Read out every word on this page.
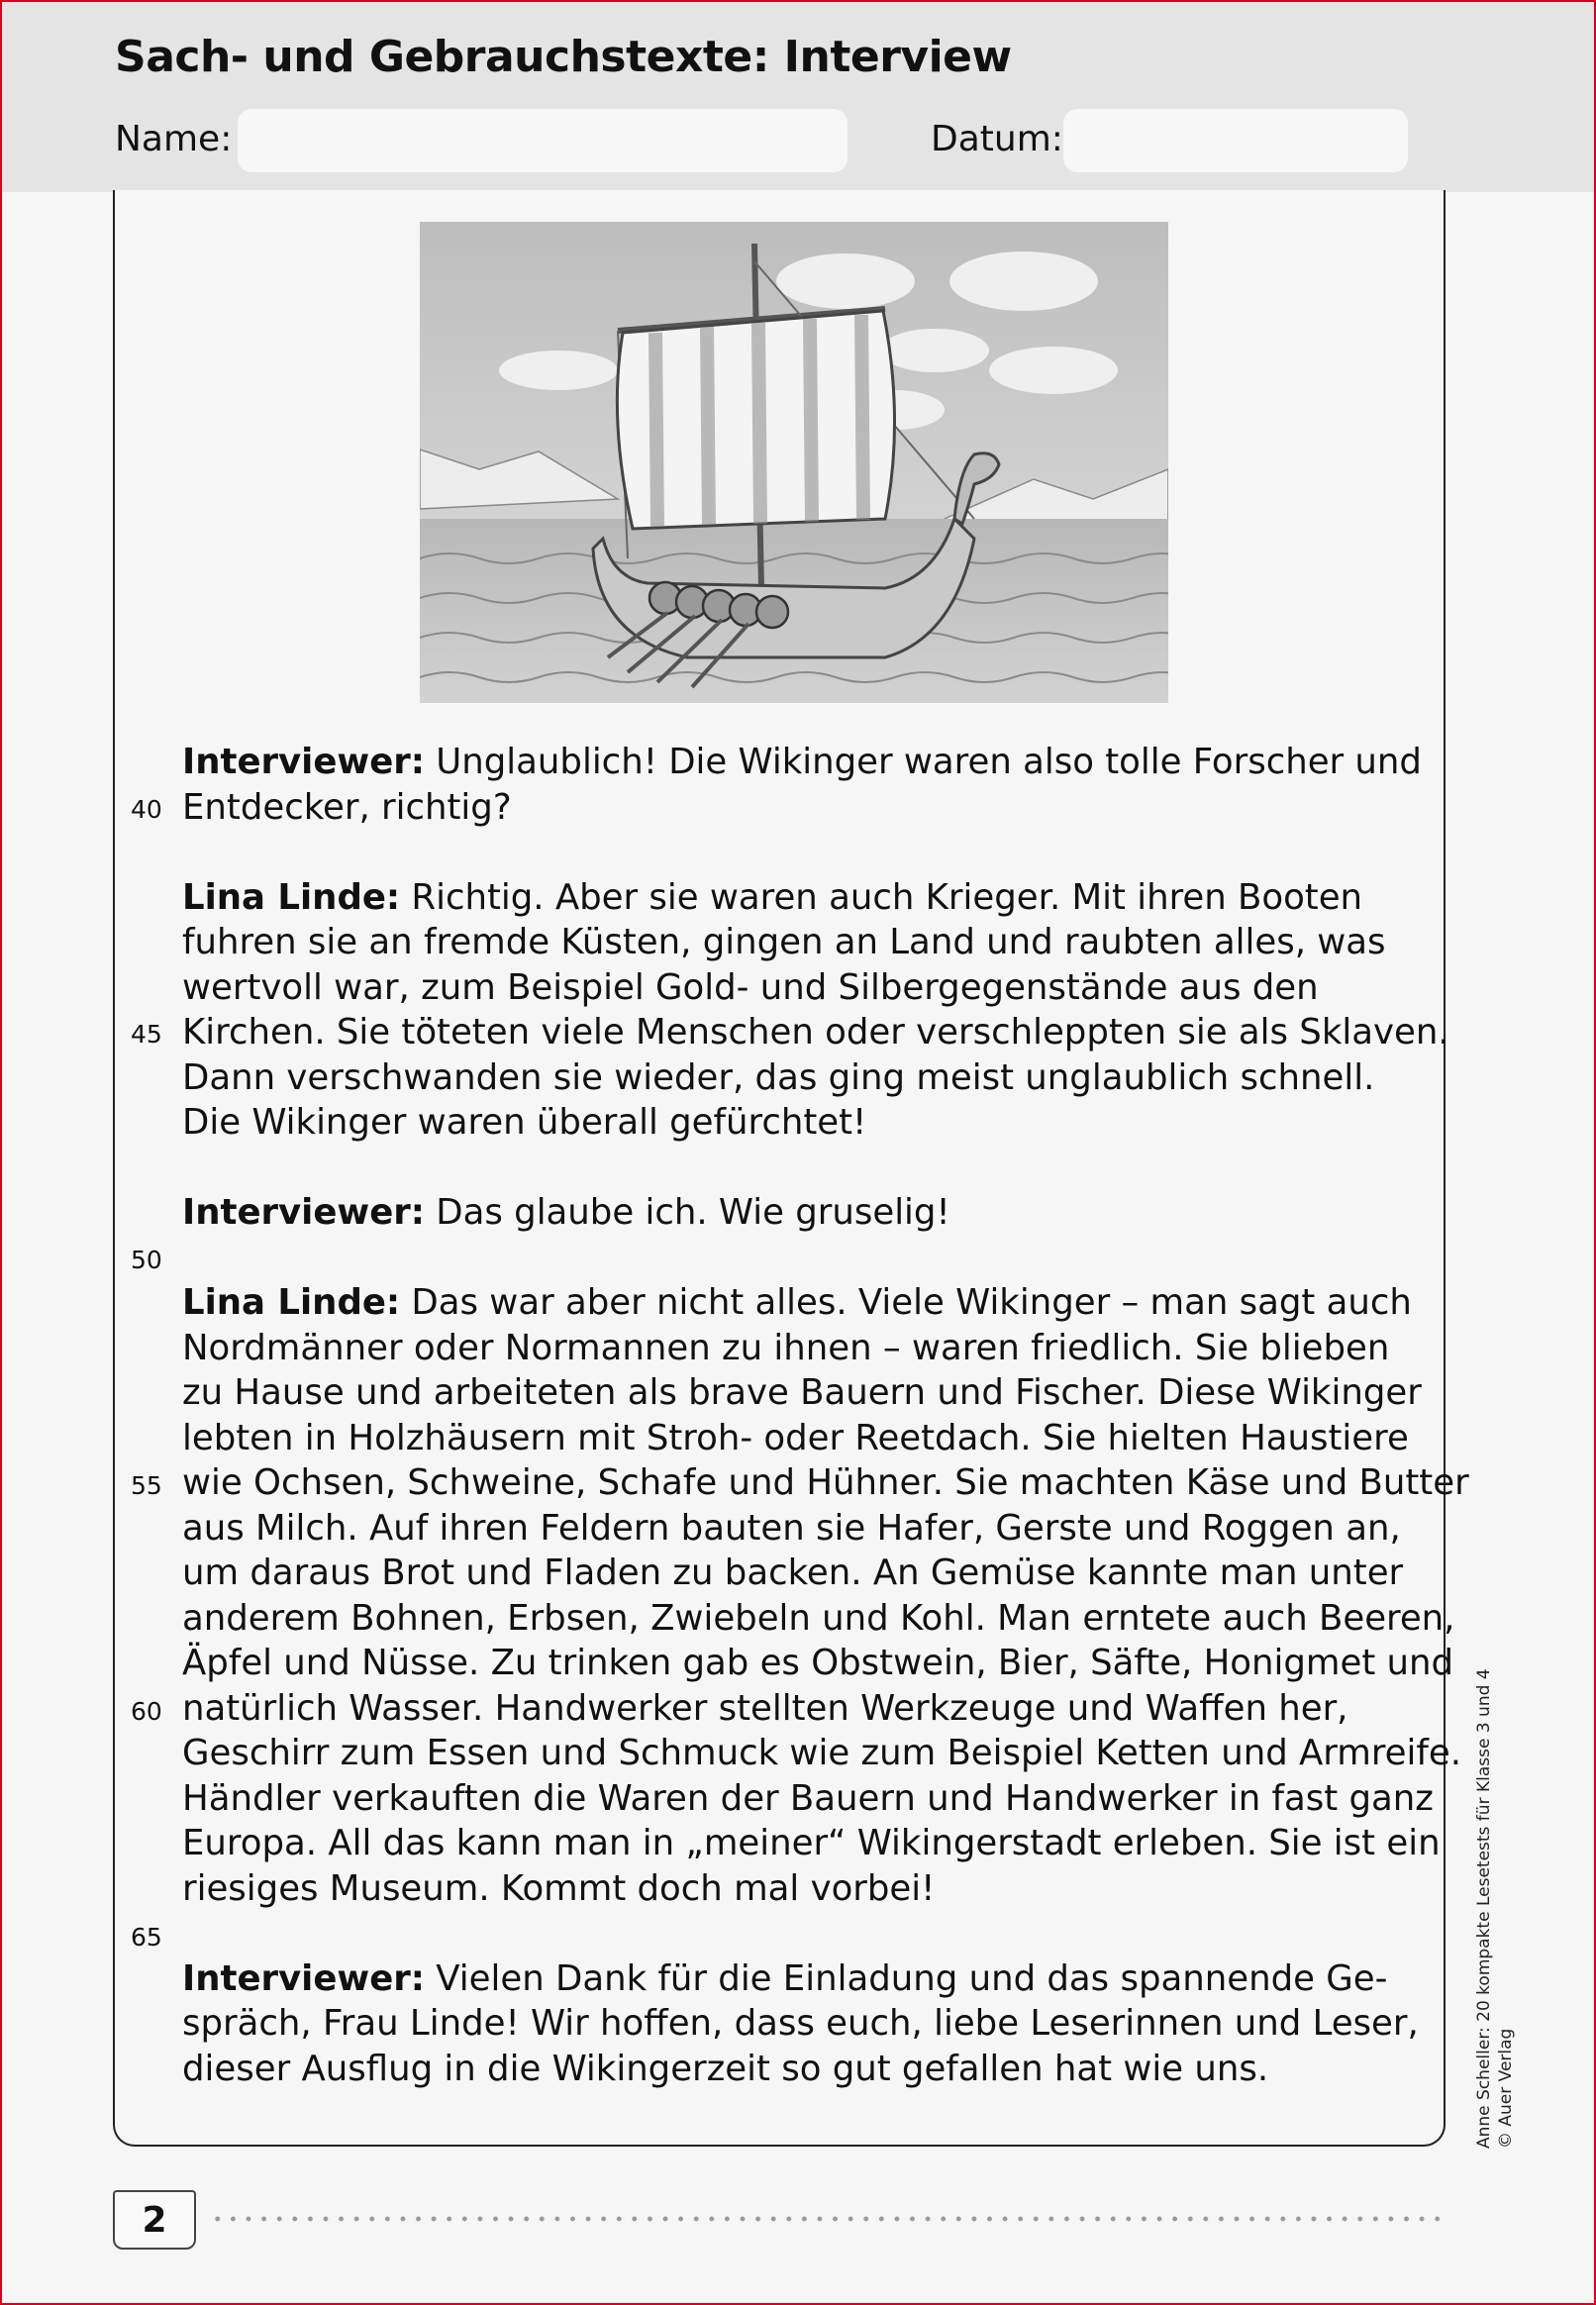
Sach- und Gebrauchstexte: Interview
Name:	Datum:
Interviewer: Unglaublich! Die Wikinger waren also tolle Forscher und
Entdecker, richtig?
Lina Linde: Richtig. Aber sie waren auch Krieger. Mit ihren Booten
fuhren sie an fremde Küsten, gingen an Land und raubten alles, was
wertvoll war, zum Beispiel Gold- und Silbergegenstände aus den
Kirchen. Sie töteten viele Menschen oder verschleppten sie als Sklaven.
Dann verschwanden sie wieder, das ging meist unglaublich schnell.
Die Wikinger waren überall gefürchtet!
Interviewer: Das glaube ich. Wie gruselig!
Lina Linde: Das war aber nicht alles. Viele Wikinger – man sagt auch
Nordmänner oder Normannen zu ihnen – waren friedlich. Sie blieben
zu Hause und arbeiteten als brave Bauern und Fischer. Diese Wikinger
lebten in Holzhäusern mit Stroh- oder Reetdach. Sie hielten Haustiere
wie Ochsen, Schweine, Schafe und Hühner. Sie machten Käse und Butter
aus Milch. Auf ihren Feldern bauten sie Hafer, Gerste und Roggen an,
um daraus Brot und Fladen zu backen. An Gemüse kannte man unter
anderem Bohnen, Erbsen, Zwiebeln und Kohl. Man erntete auch Beeren,
Äpfel und Nüsse. Zu trinken gab es Obstwein, Bier, Säfte, Honigmet und
natürlich Wasser. Handwerker stellten Werkzeuge und Waffen her,
Geschirr zum Essen und Schmuck wie zum Beispiel Ketten und Armreife.
Händler verkauften die Waren der Bauern und Handwerker in fast ganz
Europa. All das kann man in „meiner“ Wikingerstadt erleben. Sie ist ein
riesiges Museum. Kommt doch mal vorbei!
Interviewer: Vielen Dank für die Einladung und das spannende Ge-
spräch, Frau Linde! Wir hoffen, dass euch, liebe Leserinnen und Leser,
dieser Ausflug in die Wikingerzeit so gut gefallen hat wie uns.
40
45
50
55
60
65	Anne Scheller: 20 kompakte Lesetests für Klasse 3 und 4 © Auer Verlag
2
